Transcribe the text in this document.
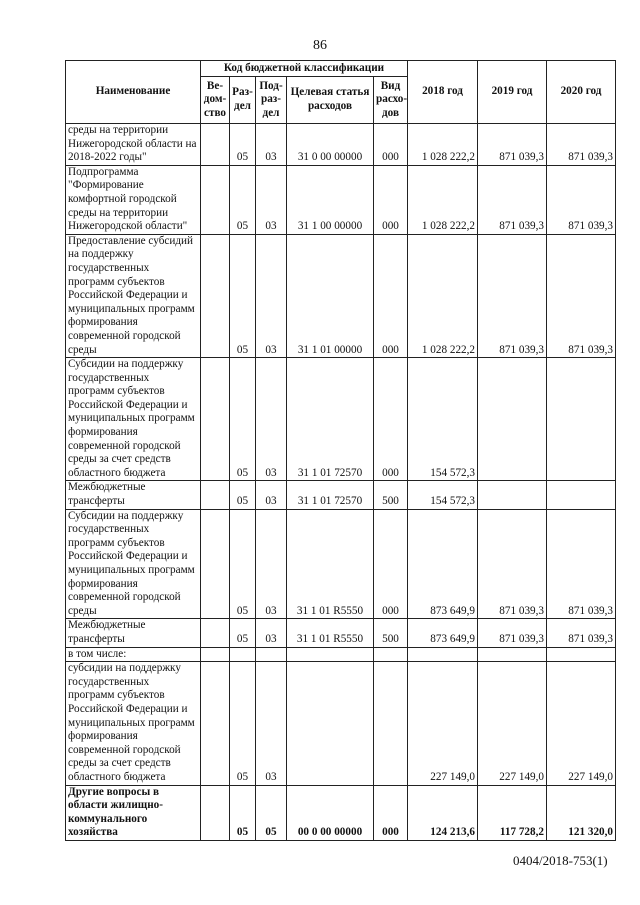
86
Наименование	Код бюджетной классификации					2018 год	2019 год	2020 год
	Ве-дом-ство	Раз-дел	Под-раз-дел	Целевая статья расходов	Вид расхо-дов			
среды на территории Нижегородской области на 2018-2022 годы"		05	03	31 0 00 00000	000	1 028 222,2	871 039,3	871 039,3
Подпрограмма "Формирование комфортной городской среды на территории Нижегородской области"		05	03	31 1 00 00000	000	1 028 222,2	871 039,3	871 039,3
Предоставление субсидий на поддержку государственных программ субъектов Российской Федерации и муниципальных программ формирования современной городской среды		05	03	31 1 01 00000	000	1 028 222,2	871 039,3	871 039,3
Субсидии на поддержку государственных программ субъектов Российской Федерации и муниципальных программ формирования современной городской среды за счет средств областного бюджета		05	03	31 1 01 72570	000	154 572,3		
Межбюджетные трансферты		05	03	31 1 01 72570	500	154 572,3		
Субсидии на поддержку государственных программ субъектов Российской Федерации и муниципальных программ формирования современной городской среды		05	03	31 1 01 R5550	000	873 649,9	871 039,3	871 039,3
Межбюджетные трансферты		05	03	31 1 01 R5550	500	873 649,9	871 039,3	871 039,3
в том числе:								
субсидии на поддержку государственных программ субъектов Российской Федерации и муниципальных программ формирования современной городской среды за счет средств областного бюджета		05	03			227 149,0	227 149,0	227 149,0
Другие вопросы в области жилищно-коммунального хозяйства		05	05	00 0 00 00000	000	124 213,6	117 728,2	121 320,0
0404/2018-753(1)
